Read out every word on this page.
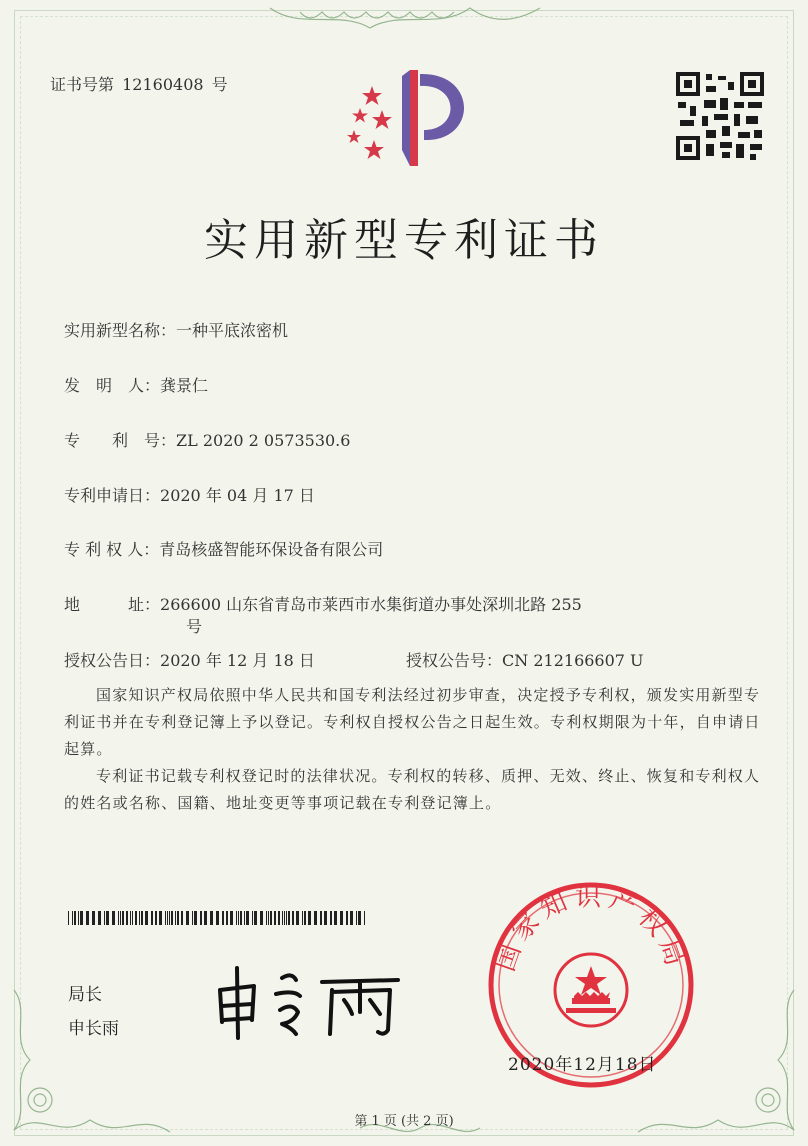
证书号第 12160408 号
实用新型专利证书
实用新型名称：一种平底浓密机
发　明　人：龚景仁
专　　利　号：ZL 2020 2 0573530.6
专利申请日：2020 年 04 月 17 日
专 利 权 人：青岛核盛智能环保设备有限公司
地　　　址：266600 山东省青岛市莱西市水集街道办事处深圳北路 255
号
授权公告日：2020 年 12 月 18 日	授权公告号：CN 212166607 U
国家知识产权局依照中华人民共和国专利法经过初步审查，决定授予专利权，颁发实用新型专利证书并在专利登记簿上予以登记。专利权自授权公告之日起生效。专利权期限为十年，自申请日起算。
专利证书记载专利权登记时的法律状况。专利权的转移、质押、无效、终止、恢复和专利权人的姓名或名称、国籍、地址变更等事项记载在专利登记簿上。
局长
申长雨
国家知识产权局
2020年12月18日
第 1 页 (共 2 页)
